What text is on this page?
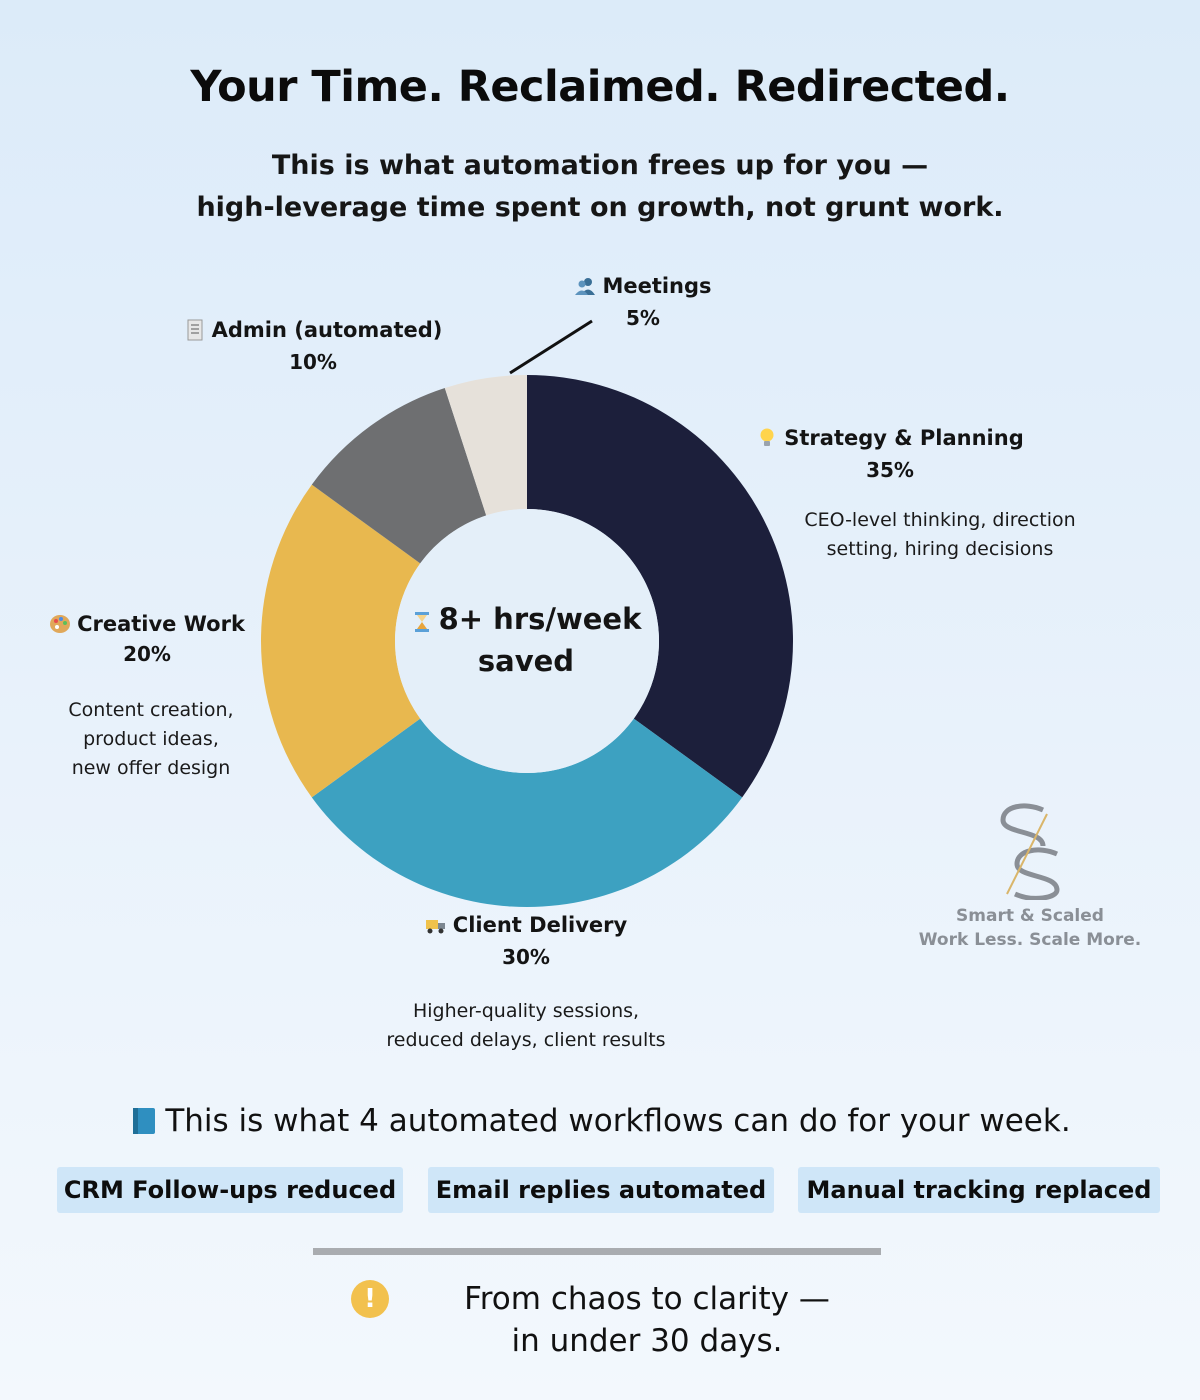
Your Time. Reclaimed. Redirected.
This is what automation frees up for you —
high-leverage time spent on growth, not grunt work.
8+ hrs/week
saved
Strategy & Planning
35%
CEO-level thinking, direction
setting, hiring decisions
Client Delivery
30%
Higher-quality sessions,
reduced delays, client results
Creative Work
20%
Content creation,
product ideas,
new offer design
Admin (automated)
10%
Meetings
5%
Smart & Scaled
Work Less. Scale More.
This is what 4 automated workflows can do for your week.
CRM Follow-ups reduced	Email replies automated	Manual tracking replaced
!	From chaos to clarity —
in under 30 days.
